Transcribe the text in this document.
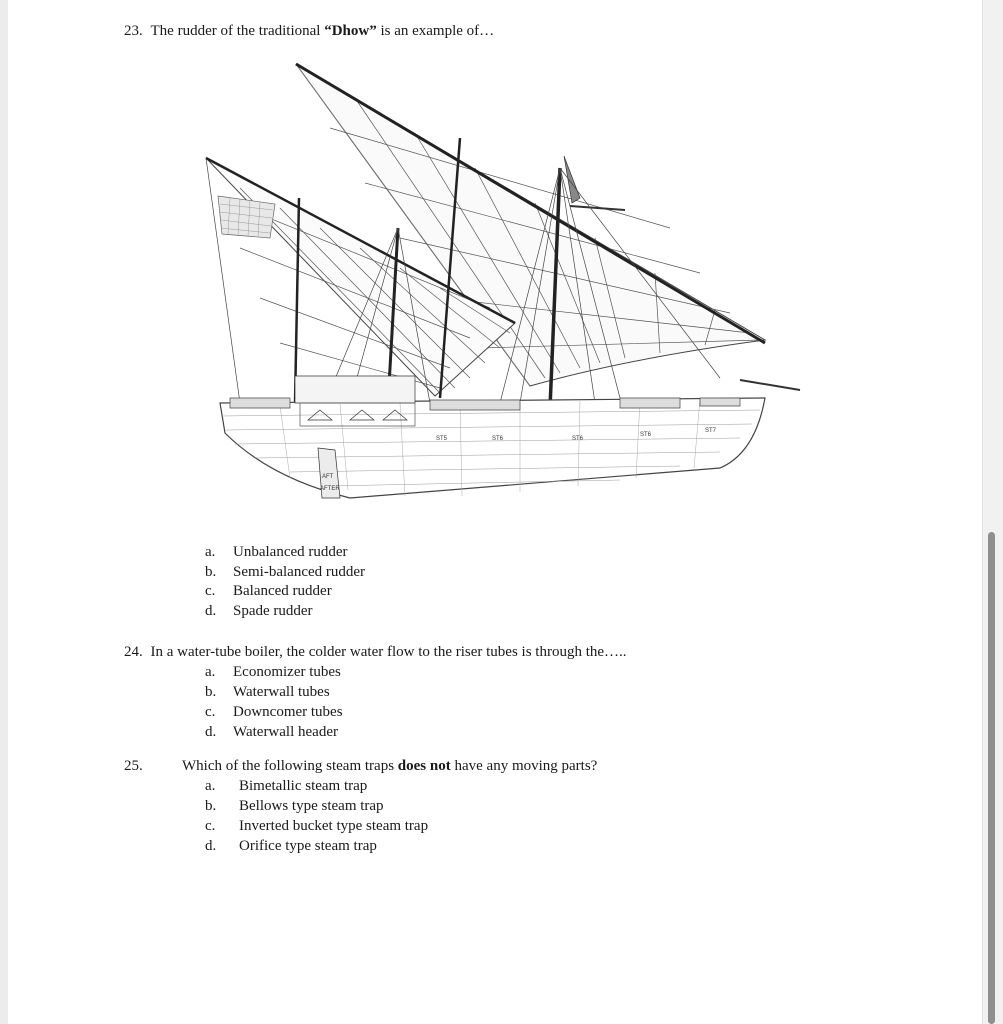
23. The rudder of the traditional “Dhow” is an example of…
ST5	ST6	ST6
ST6
ST7
AFT
AFTER
a. Unbalanced rudder
b. Semi-balanced rudder
c. Balanced rudder
d. Spade rudder
24. In a water-tube boiler, the colder water flow to the riser tubes is through the…..
a. Economizer tubes
b. Waterwall tubes
c. Downcomer tubes
d. Waterwall header
25.	Which of the following steam traps does not have any moving parts?
a. Bimetallic steam trap
b. Bellows type steam trap
c. Inverted bucket type steam trap
d. Orifice type steam trap
